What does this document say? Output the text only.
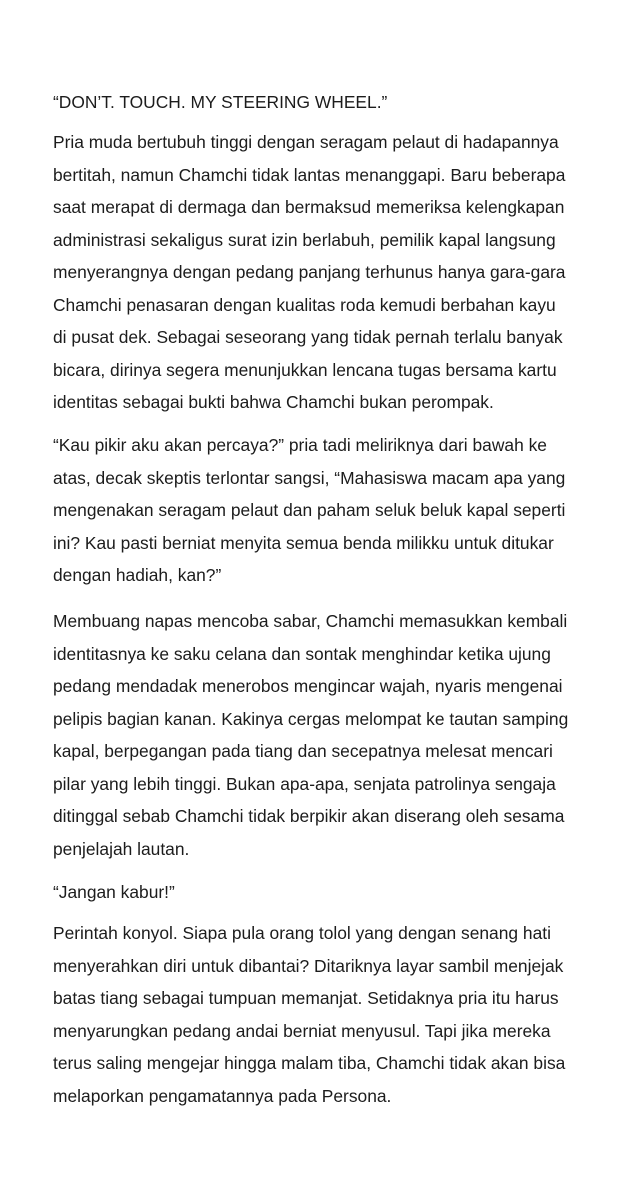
“DON’T. TOUCH. MY STEERING WHEEL.”

Pria muda bertubuh tinggi dengan seragam pelaut di hadapannya bertitah, namun Chamchi tidak lantas menanggapi. Baru beberapa saat merapat di dermaga dan bermaksud memeriksa kelengkapan administrasi sekaligus surat izin berlabuh, pemilik kapal langsung menyerangnya dengan pedang panjang terhunus hanya gara-gara Chamchi penasaran dengan kualitas roda kemudi berbahan kayu di pusat dek. Sebagai seseorang yang tidak pernah terlalu banyak bicara, dirinya segera menunjukkan lencana tugas bersama kartu identitas sebagai bukti bahwa Chamchi bukan perompak.

“Kau pikir aku akan percaya?” pria tadi meliriknya dari bawah ke atas, decak skeptis terlontar sangsi, “Mahasiswa macam apa yang mengenakan seragam pelaut dan paham seluk beluk kapal seperti ini? Kau pasti berniat menyita semua benda milikku untuk ditukar dengan hadiah, kan?”

Membuang napas mencoba sabar, Chamchi memasukkan kembali identitasnya ke saku celana dan sontak menghindar ketika ujung pedang mendadak menerobos mengincar wajah, nyaris mengenai pelipis bagian kanan. Kakinya cergas melompat ke tautan samping kapal, berpegangan pada tiang dan secepatnya melesat mencari pilar yang lebih tinggi. Bukan apa-apa, senjata patrolinya sengaja ditinggal sebab Chamchi tidak berpikir akan diserang oleh sesama penjelajah lautan.

“Jangan kabur!”

Perintah konyol. Siapa pula orang tolol yang dengan senang hati menyerahkan diri untuk dibantai? Ditariknya layar sambil menjejak batas tiang sebagai tumpuan memanjat. Setidaknya pria itu harus menyarungkan pedang andai berniat menyusul. Tapi jika mereka terus saling mengejar hingga malam tiba, Chamchi tidak akan bisa melaporkan pengamatannya pada Persona.
